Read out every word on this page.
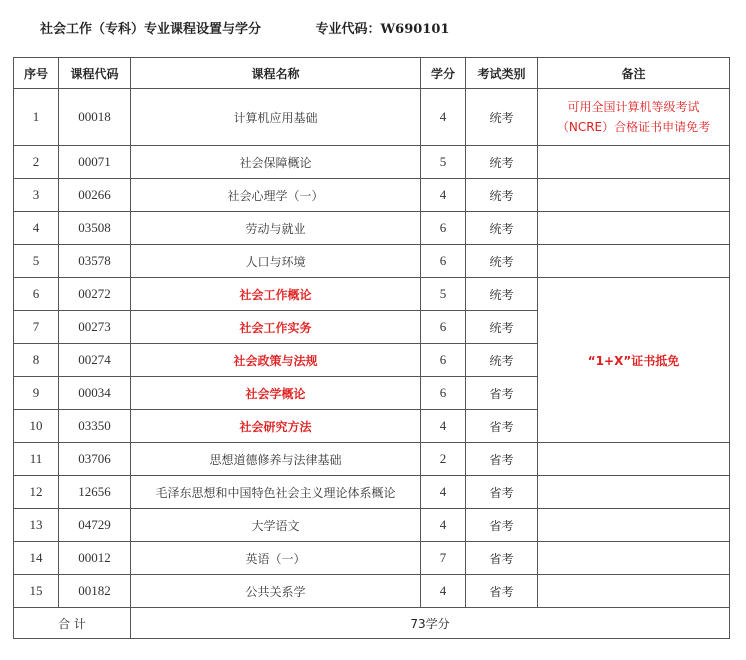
社会工作（专科）专业课程设置与学分	专业代码：W690101
序号	课程代码	课程名称	学分	考试类别	备注
1	00018	计算机应用基础	4	统考	可用全国计算机等级考试
（NCRE）合格证书申请免考

2	00071	社会保障概论	5	统考	
3	00266	社会心理学（一）	4	统考	
4	03508	劳动与就业	6	统考	
5	03578	人口与环境	6	统考	
6	00272	社会工作概论	5	统考	“1+X”证书抵免
7	00273	社会工作实务	6	统考	
8	00274	社会政策与法规	6	统考	
9	00034	社会学概论	6	省考	
10	03350	社会研究方法	4	省考	
11	03706	思想道德修养与法律基础	2	省考	
12	12656	毛泽东思想和中国特色社会主义理论体系概论	4	省考	
13	04729	大学语文	4	省考	
14	00012	英语（一）	7	省考	
15	00182	公共关系学	4	省考	
合 计		73学分			
